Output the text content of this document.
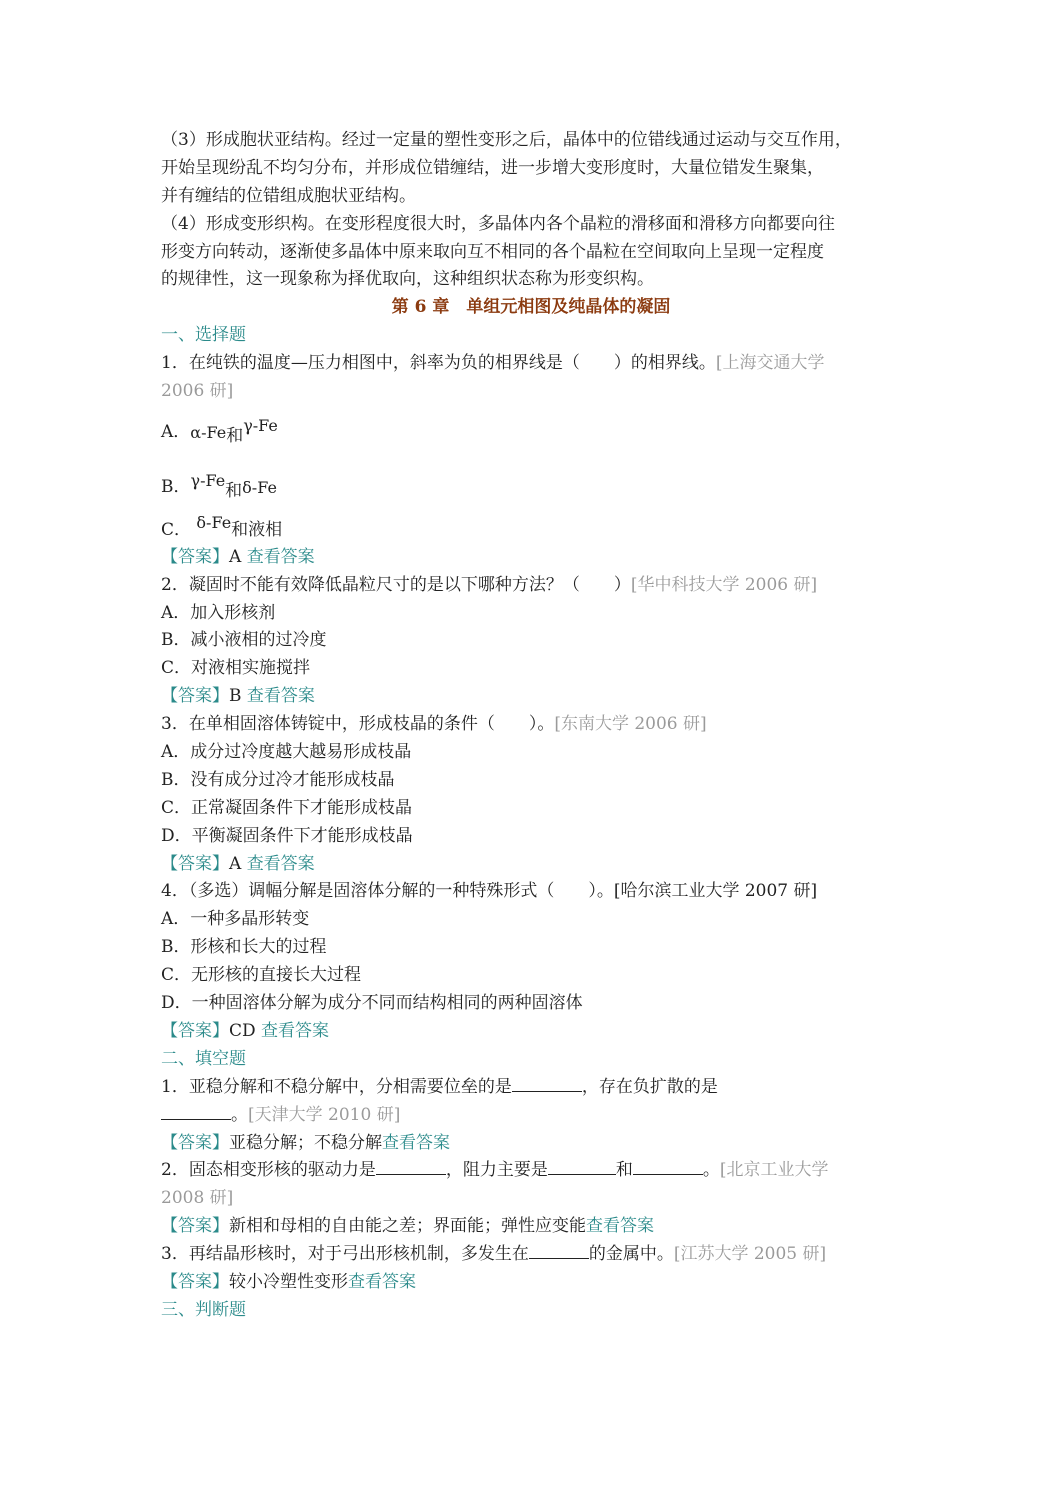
（3）形成胞状亚结构。经过一定量的塑性变形之后，晶体中的位错线通过运动与交互作用，
开始呈现纷乱不均匀分布，并形成位错缠结，进一步增大变形度时，大量位错发生聚集，
并有缠结的位错组成胞状亚结构。
（4）形成变形织构。在变形程度很大时，多晶体内各个晶粒的滑移面和滑移方向都要向往
形变方向转动，逐渐使多晶体中原来取向互不相同的各个晶粒在空间取向上呈现一定程度
的规律性，这一现象称为择优取向，这种组织状态称为形变织构。
第 6 章　单组元相图及纯晶体的凝固
一、选择题
1．在纯铁的温度—压力相图中，斜率为负的相界线是（　　）的相界线。[上海交通大学
2006 研]
A． α-Fe 和
γ-Fe
B． γ-Fe
和 δ-Fe
C． δ-Fe和液相
【答案】A 查看答案
2．凝固时不能有效降低晶粒尺寸的是以下哪种方法？（　　）[华中科技大学 2006 研]
A．加入形核剂
B．减小液相的过冷度
C．对液相实施搅拌
【答案】B 查看答案
3．在单相固溶体铸锭中，形成枝晶的条件（　　）。[东南大学 2006 研]
A．成分过冷度越大越易形成枝晶
B．没有成分过冷才能形成枝晶
C．正常凝固条件下才能形成枝晶
D．平衡凝固条件下才能形成枝晶
【答案】A 查看答案
4．（多选）调幅分解是固溶体分解的一种特殊形式（　　）。[哈尔滨工业大学 2007 研]
A．一种多晶形转变
B．形核和长大的过程
C．无形核的直接长大过程
D．一种固溶体分解为成分不同而结构相同的两种固溶体
【答案】CD 查看答案
二、填空题
1．亚稳分解和不稳分解中，分相需要位垒的是	，存在负扩散的是
。[天津大学 2010 研]
【答案】亚稳分解；不稳分解查看答案
2．固态相变形核的驱动力是	，阻力主要是	和	。[北京工业大学
2008 研]
【答案】新相和母相的自由能之差；界面能；弹性应变能查看答案
3．再结晶形核时，对于弓出形核机制，多发生在	的金属中。[江苏大学 2005 研]
【答案】较小冷塑性变形查看答案
三、判断题
